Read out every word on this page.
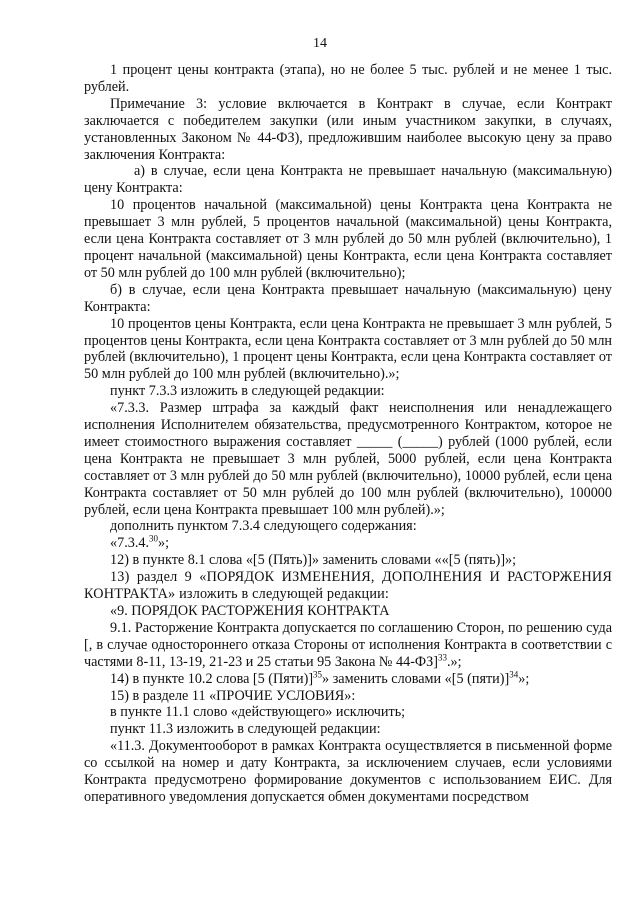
14

1 процент цены контракта (этапа), но не более 5 тыс. рублей и не менее 1 тыс. рублей.

Примечание 3: условие включается в Контракт в случае, если Контракт заключается с победителем закупки (или иным участником закупки, в случаях, установленных Законом № 44-ФЗ), предложившим наиболее высокую цену за право заключения Контракта:

а) в случае, если цена Контракта не превышает начальную (максимальную) цену Контракта:

10 процентов начальной (максимальной) цены Контракта цена Контракта не превышает 3 млн рублей, 5 процентов начальной (максимальной) цены Контракта, если цена Контракта составляет от 3 млн рублей до 50 млн рублей (включительно), 1 процент начальной (максимальной) цены Контракта, если цена Контракта составляет от 50 млн рублей до 100 млн рублей (включительно);

б) в случае, если цена Контракта превышает начальную (максимальную) цену Контракта:

10 процентов цены Контракта, если цена Контракта не превышает 3 млн рублей, 5 процентов цены Контракта, если цена Контракта составляет от 3 млн рублей до 50 млн рублей (включительно), 1 процент цены Контракта, если цена Контракта составляет от 50 млн рублей до 100 млн рублей (включительно).»;

пункт 7.3.3 изложить в следующей редакции:

«7.3.3. Размер штрафа за каждый факт неисполнения или ненадлежащего исполнения Исполнителем обязательства, предусмотренного Контрактом, которое не имеет стоимостного выражения составляет _____ (_____) рублей (1000 рублей, если цена Контракта не превышает 3 млн рублей, 5000 рублей, если цена Контракта составляет от 3 млн рублей до 50 млн рублей (включительно), 10000 рублей, если цена Контракта составляет от 50 млн рублей до 100 млн рублей (включительно), 100000 рублей, если цена Контракта превышает 100 млн рублей).»;

дополнить пунктом 7.3.4 следующего содержания:

«7.3.4.30»;

12) в пункте 8.1 слова «[5 (Пять)]» заменить словами ««[5 (пять)]»;

13) раздел 9 «ПОРЯДОК ИЗМЕНЕНИЯ, ДОПОЛНЕНИЯ И РАСТОРЖЕНИЯ КОНТРАКТА» изложить в следующей редакции:

«9. ПОРЯДОК РАСТОРЖЕНИЯ КОНТРАКТА

9.1. Расторжение Контракта допускается по соглашению Сторон, по решению суда [, в случае одностороннего отказа Стороны от исполнения Контракта в соответствии с частями 8-11, 13-19, 21-23 и 25 статьи 95 Закона № 44-ФЗ]$^{33}$.»;

14) в пункте 10.2 слова [5 (Пяти)]$^{35}$» заменить словами «[5 (пяти)]$^{34}$»;

15) в разделе 11 «ПРОЧИЕ УСЛОВИЯ»:

в пункте 11.1 слово «действующего» исключить;

пункт 11.3 изложить в следующей редакции:

«11.3. Документооборот в рамках Контракта осуществляется в письменной форме со ссылкой на номер и дату Контракта, за исключением случаев, если условиями Контракта предусмотрено формирование документов с использованием ЕИС. Для оперативного уведомления допускается обмен документами посредством
